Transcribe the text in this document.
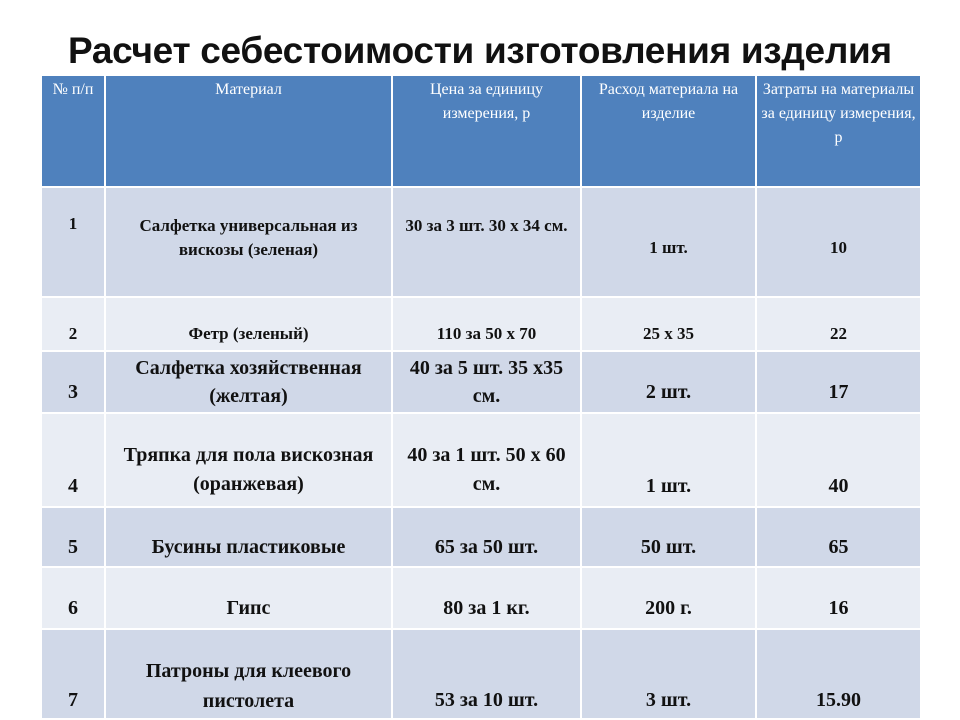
Расчет себестоимости изготовления изделия
№ п/п	Материал	Цена за единицу измерения, р	Расход материала на изделие	Затраты на материалы за единицу измерения, р
1	Салфетка универсальная из вискозы (зеленая)	30 за 3 шт. 30 х 34 см.	1 шт.	10
2	Фетр (зеленый)	110 за 50 х 70	25 х 35	22
3	Салфетка хозяйственная (желтая)	40 за 5 шт. 35 х35 см.	2 шт.	17
4	Тряпка для пола вискозная (оранжевая)	40 за 1 шт. 50 х 60 см.	1 шт.	40
5	Бусины пластиковые	65 за 50 шт.	50 шт.	65
6	Гипс	80 за 1 кг.	200 г.	16
7	Патроны для клеевого пистолета	53 за 10 шт.	3 шт.	15.90
